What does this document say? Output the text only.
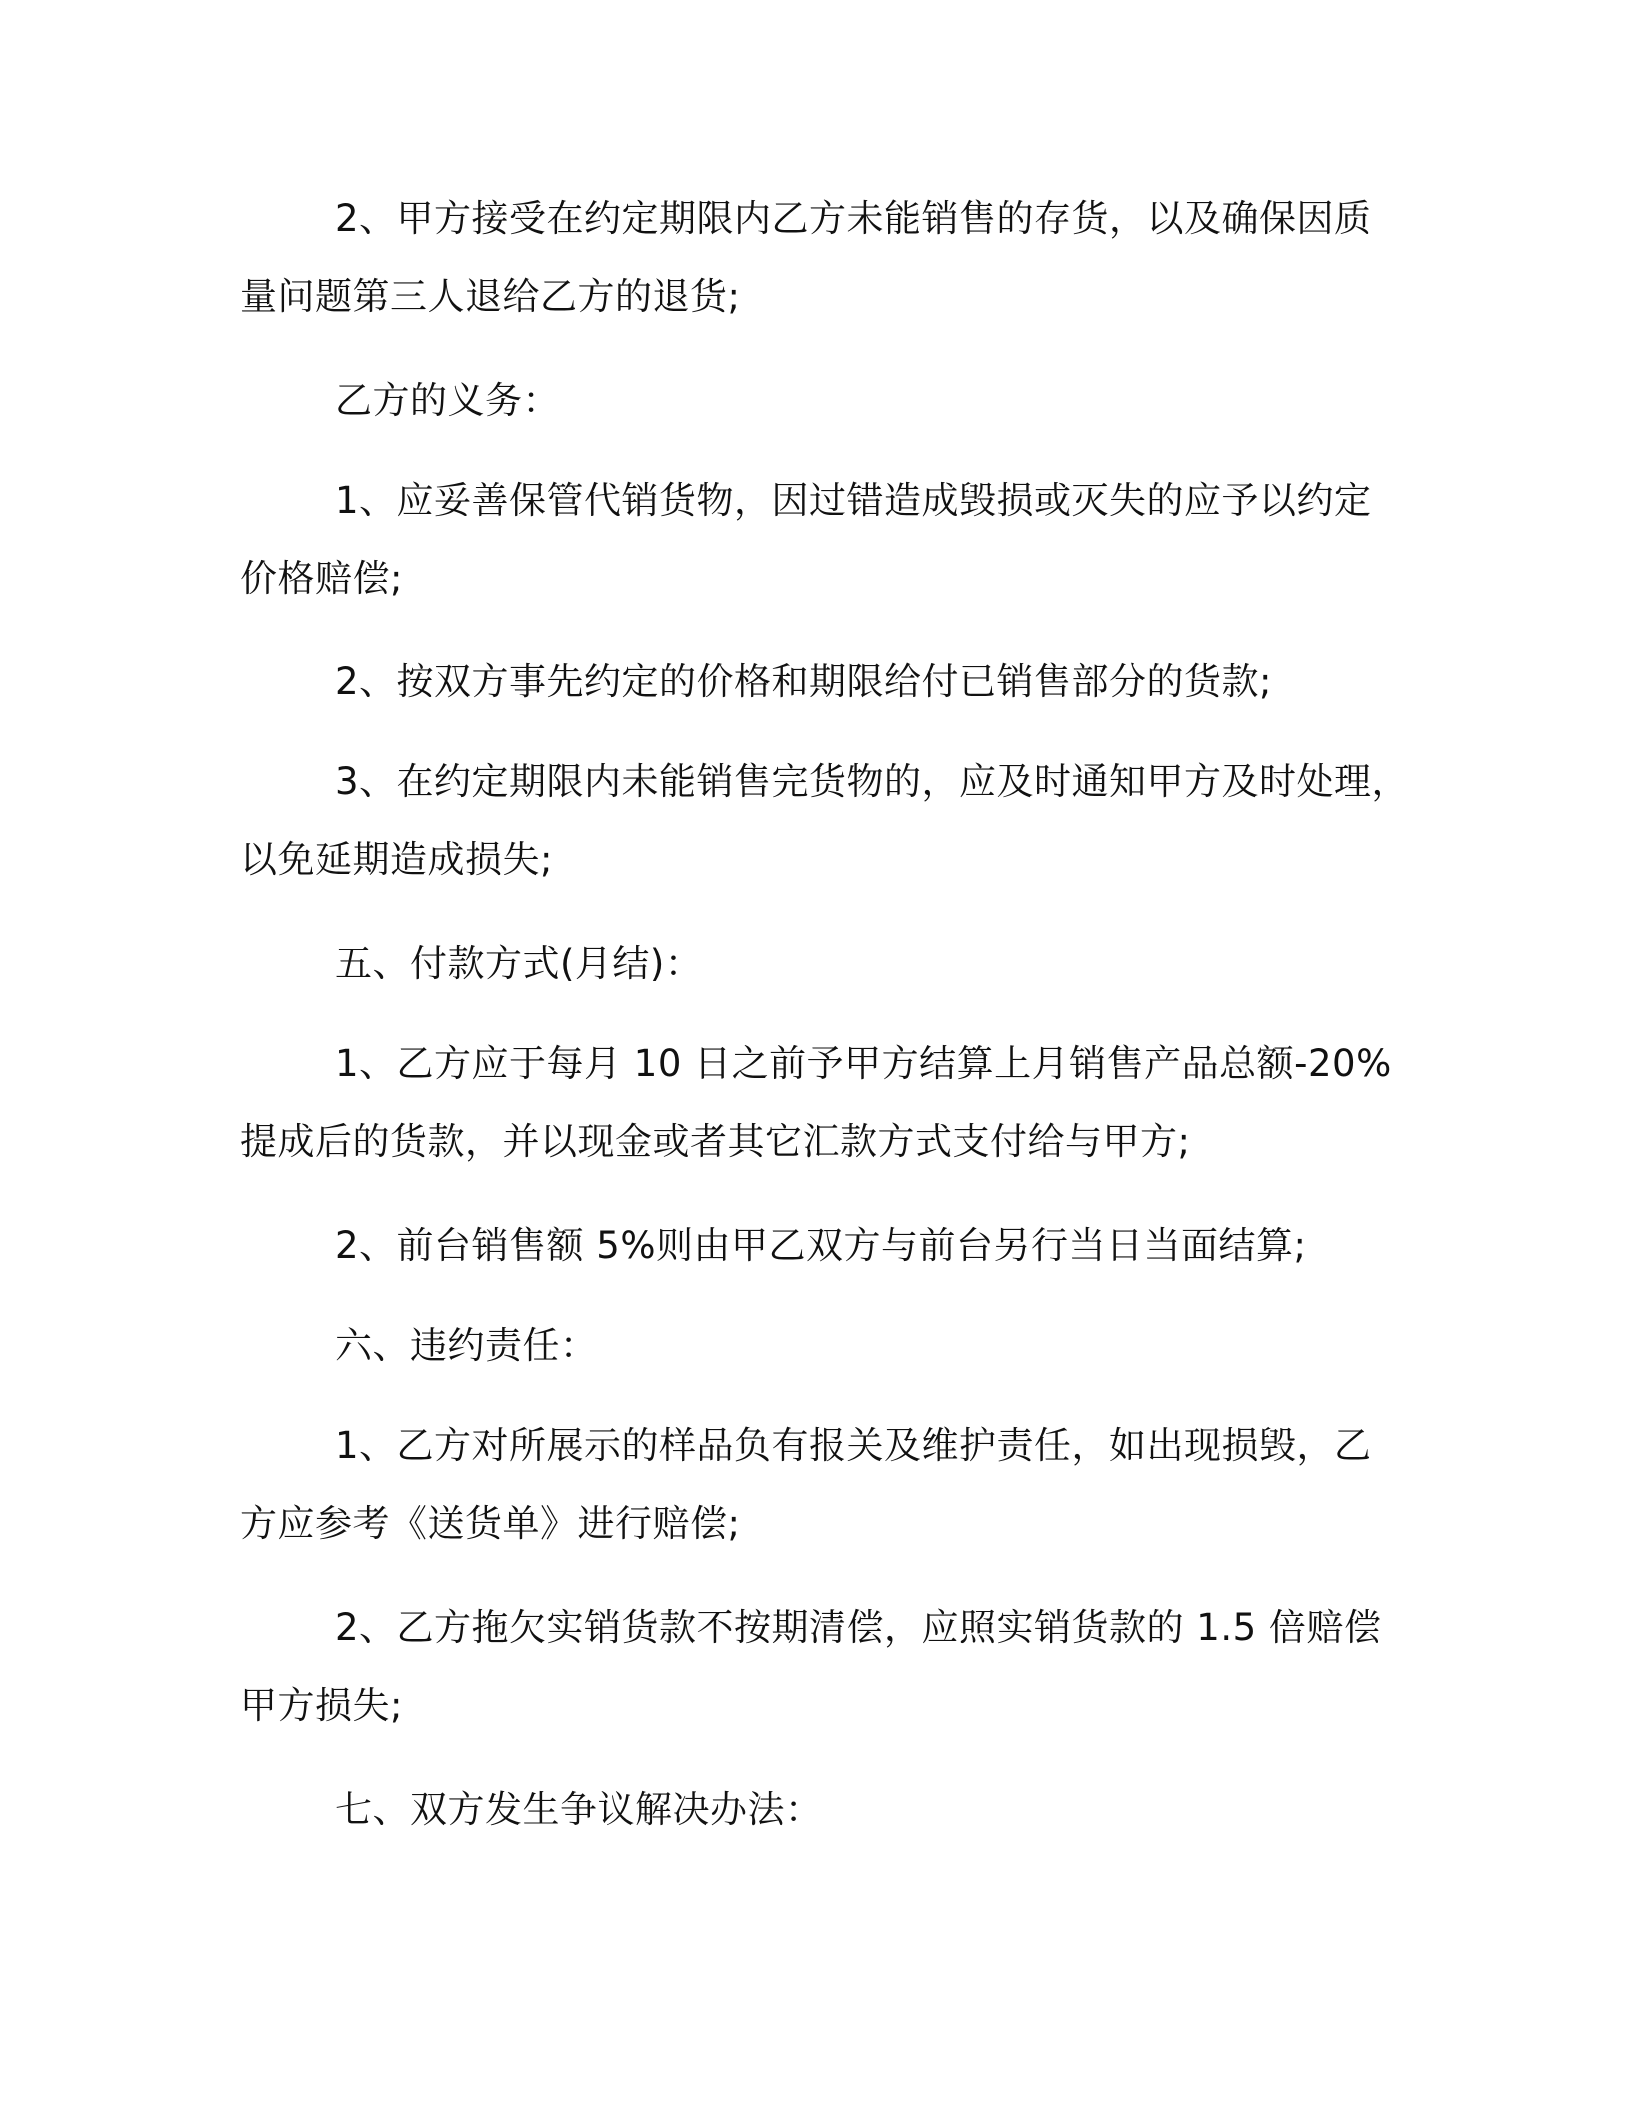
2、甲方接受在约定期限内乙方未能销售的存货，以及确保因质
量问题第三人退给乙方的退货;
乙方的义务：
1、应妥善保管代销货物，因过错造成毁损或灭失的应予以约定
价格赔偿;
2、按双方事先约定的价格和期限给付已销售部分的货款;
3、在约定期限内未能销售完货物的，应及时通知甲方及时处理，
以免延期造成损失;
五、付款方式(月结)：
1、乙方应于每月 10 日之前予甲方结算上月销售产品总额-20%
提成后的货款，并以现金或者其它汇款方式支付给与甲方;
2、前台销售额 5%则由甲乙双方与前台另行当日当面结算;
六、违约责任：
1、乙方对所展示的样品负有报关及维护责任，如出现损毁，乙
方应参考《送货单》进行赔偿;
2、乙方拖欠实销货款不按期清偿，应照实销货款的 1.5 倍赔偿
甲方损失;
七、双方发生争议解决办法：
